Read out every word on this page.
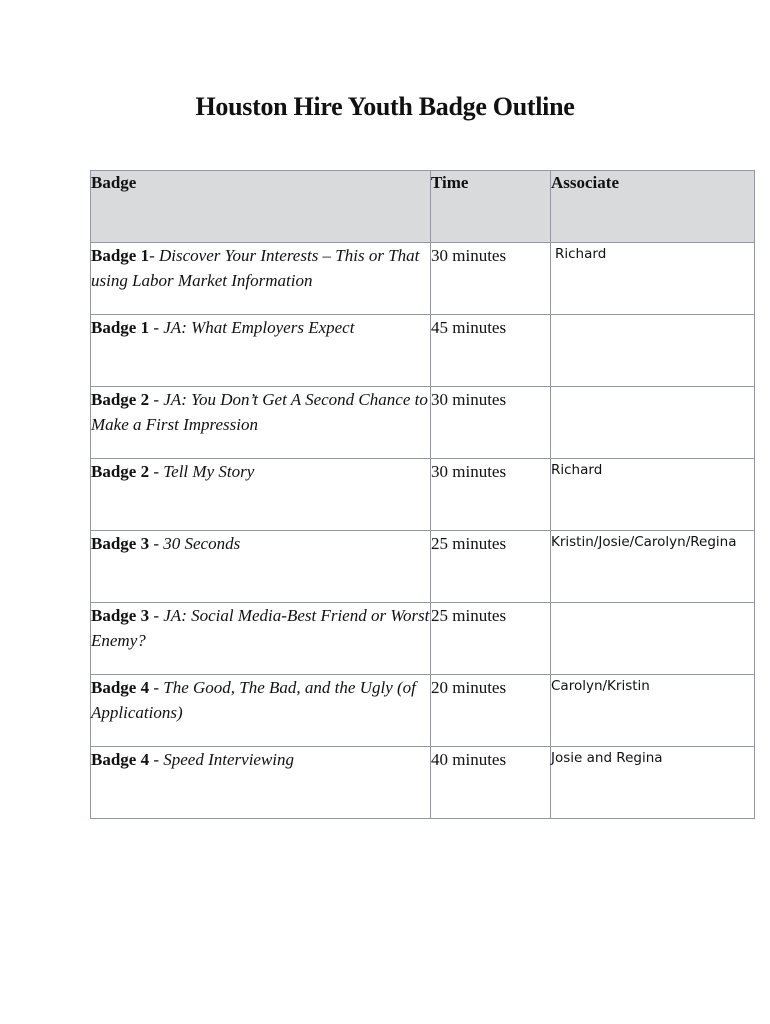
Houston Hire Youth Badge Outline
Badge	Time	Associate
Badge 1- Discover Your Interests – This or That using Labor Market Information	30 minutes	Richard
Badge 1 - JA: What Employers Expect	45 minutes	
Badge 2 - JA: You Don’t Get A Second Chance to Make a First Impression	30 minutes	
Badge 2 - Tell My Story	30 minutes	Richard
Badge 3 - 30 Seconds	25 minutes	Kristin/Josie/Carolyn/Regina
Badge 3 - JA: Social Media-Best Friend or Worst Enemy?	25 minutes	
Badge 4 - The Good, The Bad, and the Ugly (of Applications)	20 minutes	Carolyn/Kristin
Badge 4 - Speed Interviewing	40 minutes	Josie and Regina
